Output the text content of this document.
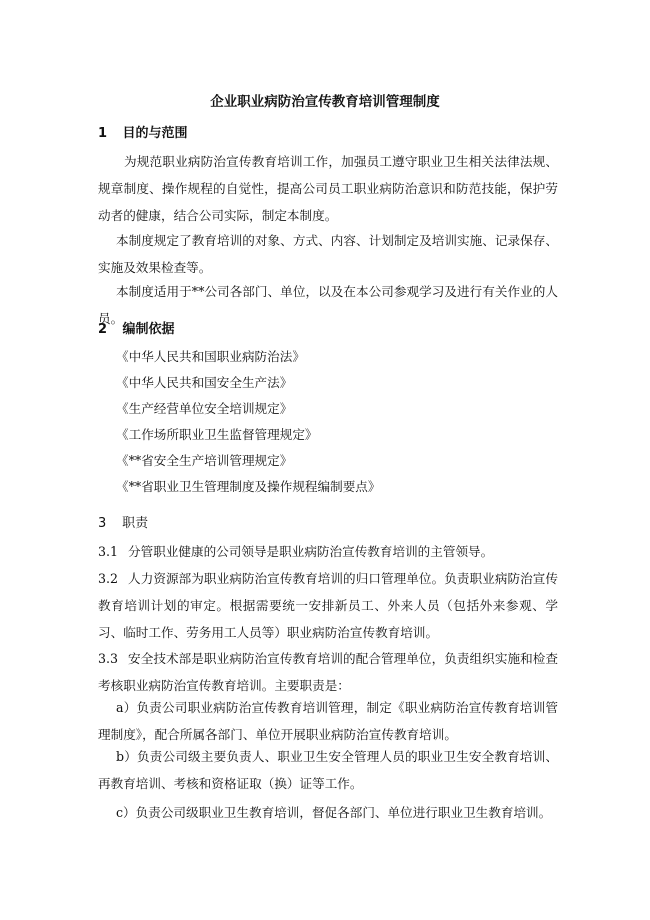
企业职业病防治宣传教育培训管理制度
1 目的与范围

为规范职业病防治宣传教育培训工作，加强员工遵守职业卫生相关法律法规、规章制度、操作规程的自觉性，提高公司员工职业病防治意识和防范技能，保护劳动者的健康，结合公司实际，制定本制度。

本制度规定了教育培训的对象、方式、内容、计划制定及培训实施、记录保存、实施及效果检查等。

本制度适用于**公司各部门、单位，以及在本公司参观学习及进行有关作业的人员。

2 编制依据
《中华人民共和国职业病防治法》
《中华人民共和国安全生产法》
《生产经营单位安全培训规定》
《工作场所职业卫生监督管理规定》
《**省安全生产培训管理规定》
《**省职业卫生管理制度及操作规程编制要点》
3 职责

3.1 分管职业健康的公司领导是职业病防治宣传教育培训的主管领导。

3.2 人力资源部为职业病防治宣传教育培训的归口管理单位。负责职业病防治宣传教育培训计划的审定。根据需要统一安排新员工、外来人员（包括外来参观、学习、临时工作、劳务用工人员等）职业病防治宣传教育培训。

3.3 安全技术部是职业病防治宣传教育培训的配合管理单位，负责组织实施和检查考核职业病防治宣传教育培训。主要职责是：

a）负责公司职业病防治宣传教育培训管理，制定《职业病防治宣传教育培训管理制度》，配合所属各部门、单位开展职业病防治宣传教育培训。

b）负责公司级主要负责人、职业卫生安全管理人员的职业卫生安全教育培训、再教育培训、考核和资格证取（换）证等工作。

c）负责公司级职业卫生教育培训，督促各部门、单位进行职业卫生教育培训。
